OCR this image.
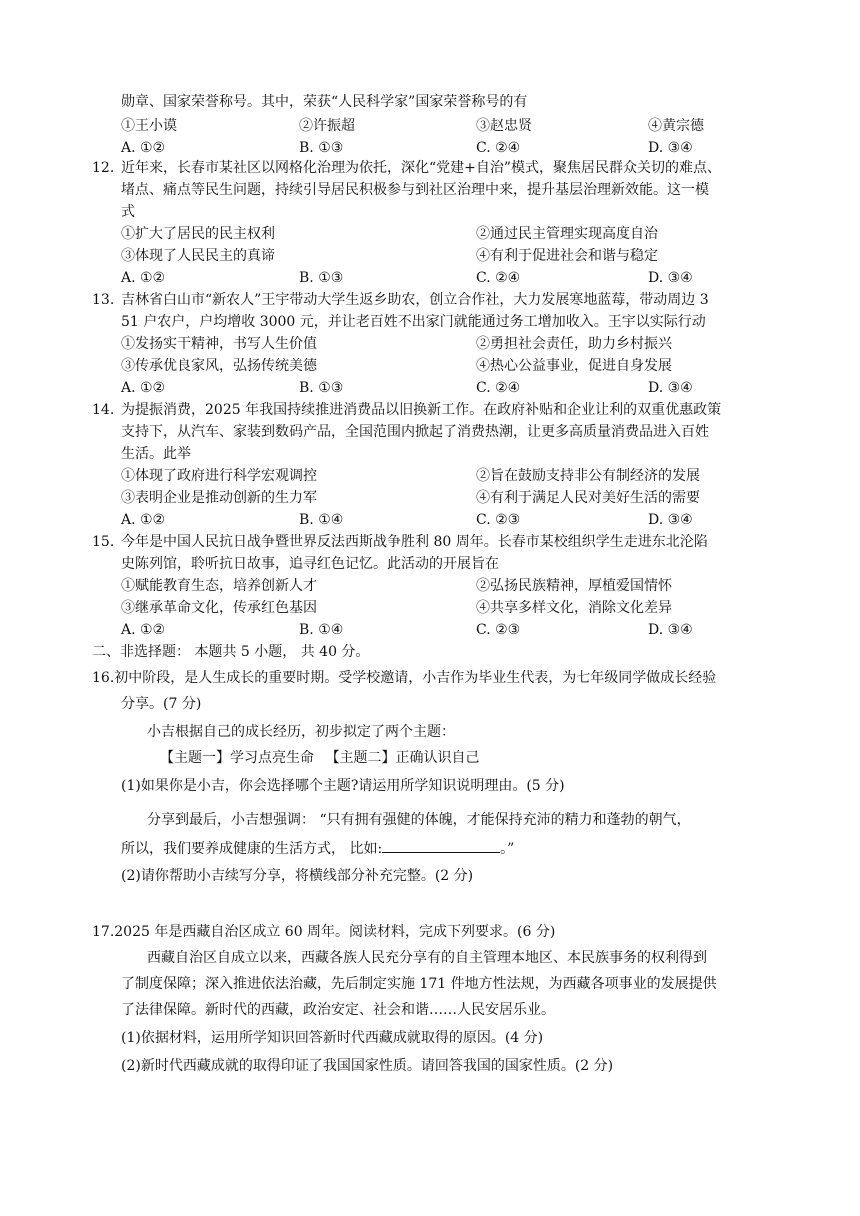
勋章、国家荣誉称号。其中，荣获“人民科学家”国家荣誉称号的有
①王小谟	②许振超	③赵忠贤	④黄宗德
A. ①②	B. ①③	C. ②④	D. ③④
12. 近年来，长春市某社区以网格化治理为依托，深化“党建+自治”模式，聚焦居民群众关切的难点、
堵点、痛点等民生问题，持续引导居民积极参与到社区治理中来，提升基层治理新效能。这一模
式
①扩大了居民的民主权利	②通过民主管理实现高度自治
③体现了人民民主的真谛	④有利于促进社会和谐与稳定
A. ①②	B. ①③	C. ②④	D. ③④
13. 吉林省白山市“新农人”王宇带动大学生返乡助农，创立合作社，大力发展寒地蓝莓，带动周边 3
51 户农户，户均增收 3000 元，并让老百姓不出家门就能通过务工增加收入。王宇以实际行动
①发扬实干精神，书写人生价值	②勇担社会责任，助力乡村振兴
③传承优良家风，弘扬传统美德	④热心公益事业，促进自身发展
A. ①②	B. ①③	C. ②④	D. ③④
14. 为提振消费，2025 年我国持续推进消费品以旧换新工作。在政府补贴和企业让利的双重优惠政策
支持下，从汽车、家装到数码产品，全国范围内掀起了消费热潮，让更多高质量消费品进入百姓
生活。此举
①体现了政府进行科学宏观调控	②旨在鼓励支持非公有制经济的发展
③表明企业是推动创新的生力军	④有利于满足人民对美好生活的需要
A. ①②	B. ①④	C. ②③	D. ③④
15. 今年是中国人民抗日战争暨世界反法西斯战争胜利 80 周年。长春市某校组织学生走进东北沦陷
史陈列馆，聆听抗日故事，追寻红色记忆。此活动的开展旨在
①赋能教育生态，培养创新人才	②弘扬民族精神，厚植爱国情怀
③继承革命文化，传承红色基因	④共享多样文化，消除文化差异
A. ①②	B. ①④	C. ②③	D. ③④
二、非选择题： 本题共 5 小题， 共 40 分。
16.初中阶段，是人生成长的重要时期。受学校邀请，小吉作为毕业生代表，为七年级同学做成长经验
分享。(7 分)
小吉根据自己的成长经历，初步拟定了两个主题：
【主题一】学习点亮生命 　【主题二】正确认识自己
(1)如果你是小吉，你会选择哪个主题?请运用所学知识说明理由。(5 分)
分享到最后，小吉想强调： “只有拥有强健的体魄，才能保持充沛的精力和蓬勃的朝气，
所以，我们要养成健康的生活方式， 比如:	。”
(2)请你帮助小吉续写分享，将横线部分补充完整。(2 分)
17.2025 年是西藏自治区成立 60 周年。阅读材料，完成下列要求。(6 分)
西藏自治区自成立以来，西藏各族人民充分享有的自主管理本地区、本民族事务的权利得到
了制度保障；深入推进依法治藏，先后制定实施 171 件地方性法规，为西藏各项事业的发展提供
了法律保障。新时代的西藏，政治安定、社会和谐……人民安居乐业。
(1)依据材料，运用所学知识回答新时代西藏成就取得的原因。(4 分)
(2)新时代西藏成就的取得印证了我国国家性质。请回答我国的国家性质。(2 分)
